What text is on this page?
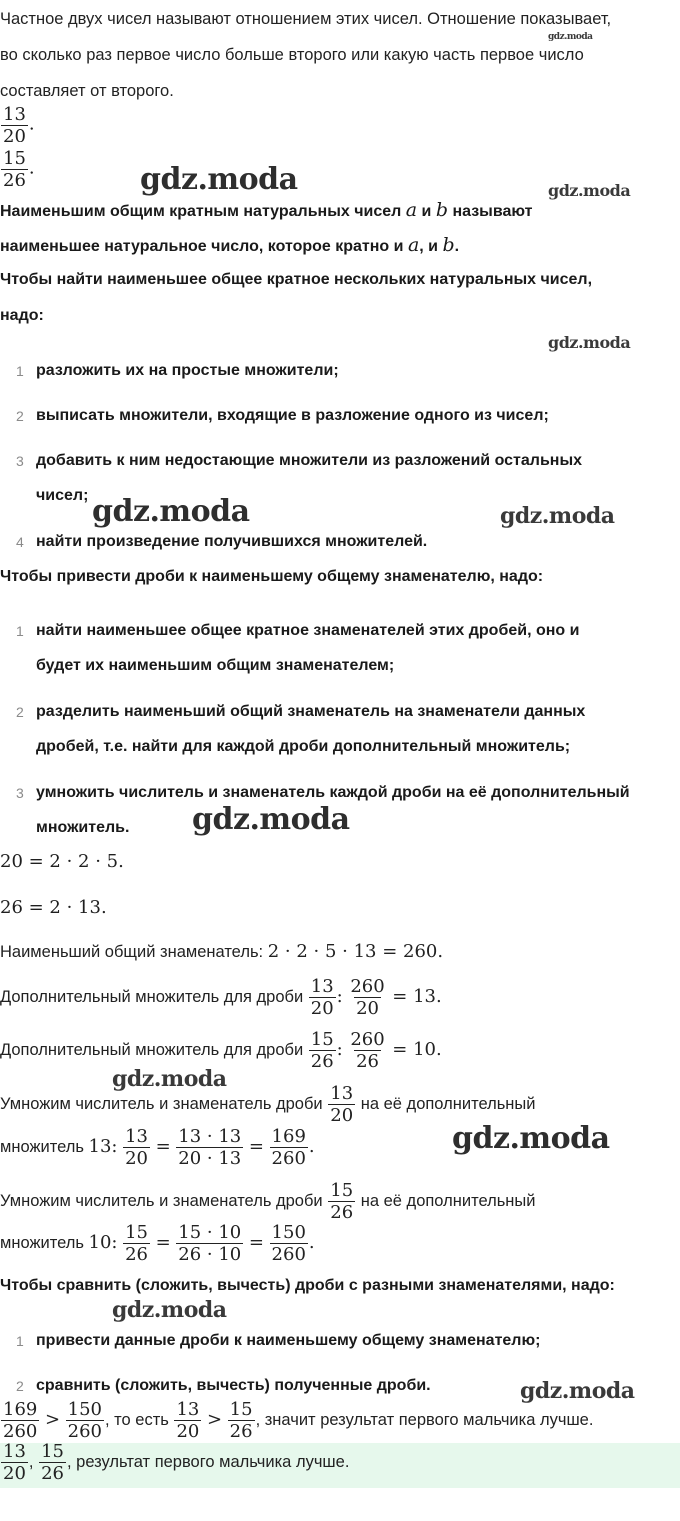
Частное двух чисел называют отношением этих чисел. Отношение показывает,
во сколько раз первое число больше второго или какую часть первое число
составляет от второго.
$\frac{13}{20}$ .
$\frac{15}{26}$ .
Наименьшим общим кратным натуральных чисел a и b называют
наименьшее натуральное число, которое кратно и a, и b.
Чтобы найти наименьшее общее кратное нескольких натуральных чисел,
надо:
1 разложить их на простые множители;
2 выписать множители, входящие в разложение одного из чисел;
3 добавить к ним недостающие множители из разложений остальных
чисел;
4 найти произведение получившихся множителей.
Чтобы привести дроби к наименьшему общему знаменателю, надо:
1 найти наименьшее общее кратное знаменателей этих дробей, оно и
будет их наименьшим общим знаменателем;
2 разделить наименьший общий знаменатель на знаменатели данных
дробей, т.е. найти для каждой дроби дополнительный множитель;
3 умножить числитель и знаменатель каждой дроби на её дополнительный
множитель.
20 = 2 · 2 · 5.
26 = 2 · 13.
Наименьший общий знаменатель: 2 · 2 · 5 · 13 = 260.
Дополнительный множитель для дроби $\frac{13}{20}$ : $\frac{260}{20} = 13$.
Дополнительный множитель для дроби $\frac{15}{26}$ : $\frac{260}{26} = 10$.
Умножим числитель и знаменатель дроби $\frac{13}{20}$ на её дополнительный
множитель 13: $\frac{13}{20} = \frac{13 \cdot 13}{20 \cdot 13} = \frac{169}{260}$ .
Умножим числитель и знаменатель дроби $\frac{15}{26}$ на её дополнительный
множитель 10: $\frac{15}{26} = \frac{15 \cdot 10}{26 \cdot 10} = \frac{150}{260}$ .
Чтобы сравнить (сложить, вычесть) дроби с разными знаменателями, надо:
1 привести данные дроби к наименьшему общему знаменателю;
2 сравнить (сложить, вычесть) полученные дроби.
$\frac{169}{260} > \frac{150}{260}$ , то есть $\frac{13}{20} > \frac{15}{26}$ , значит результат первого мальчика лучше.
$\frac{13}{20}$ , $\frac{15}{26}$ , результат первого мальчика лучше.
gdz.moda
gdz.moda	gdz.moda
gdz.moda
gdz.moda	gdz.moda
gdz.moda
gdz.moda
gdz.moda
gdz.moda
gdz.moda
